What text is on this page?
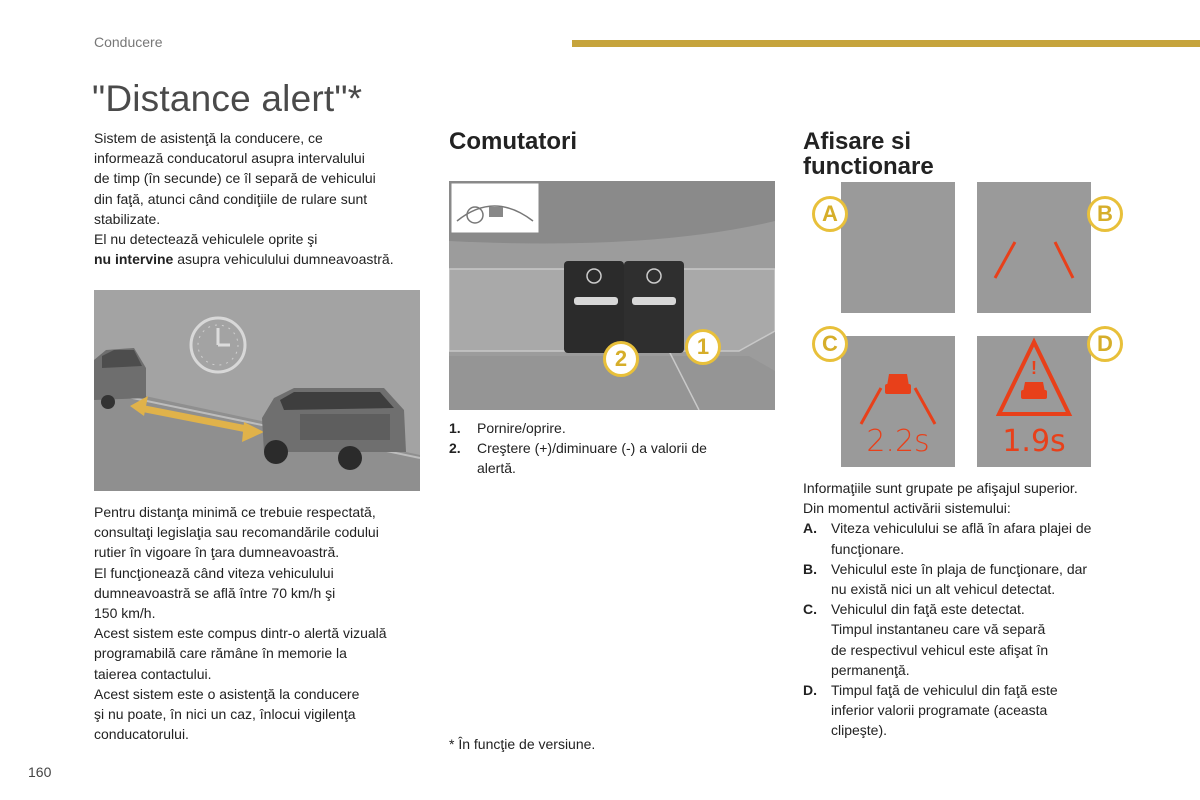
Conducere
"Distance alert"*
Sistem de asistenţă la conducere, ce
informează conducatorul asupra intervalului
de timp (în secunde) ce îl separă de vehicului
din faţă, atunci când condiţiile de rulare sunt
stabilizate.
El nu detectează vehiculele oprite şi
nu intervine asupra vehiculului dumneavoastră.
Pentru distanţa minimă ce trebuie respectată,
consultaţi legislaţia sau recomandările codului
rutier în vigoare în ţara dumneavoastră.
El funcţionează când viteza vehiculului
dumneavoastră se află între 70 km/h şi
150 km/h.
Acest sistem este compus dintr-o alertă vizuală
programabilă care rămâne în memorie la
taierea contactului.
Acest sistem este o asistenţă la conducere
şi nu poate, în nici un caz, înlocui vigilenţa
conducatorului.
Comutatori
2	1
1. Pornire/oprire.
2. Creştere (+)/diminuare (-) a valorii de
alertă.
* În funcţie de versiune.
Afisare si
functionare
A	B
2.2s
C
!
1.9s
D
Informaţiile sunt grupate pe afişajul superior.
Din momentul activării sistemului:
A. Viteza vehiculului se află în afara plajei de
funcţionare.
B. Vehiculul este în plaja de funcţionare, dar
nu există nici un alt vehicul detectat.
C. Vehiculul din faţă este detectat.
Timpul instantaneu care vă separă
de respectivul vehicul este afişat în
permanenţă.
D. Timpul faţă de vehiculul din faţă este
inferior valorii programate (aceasta
clipeşte).
160
